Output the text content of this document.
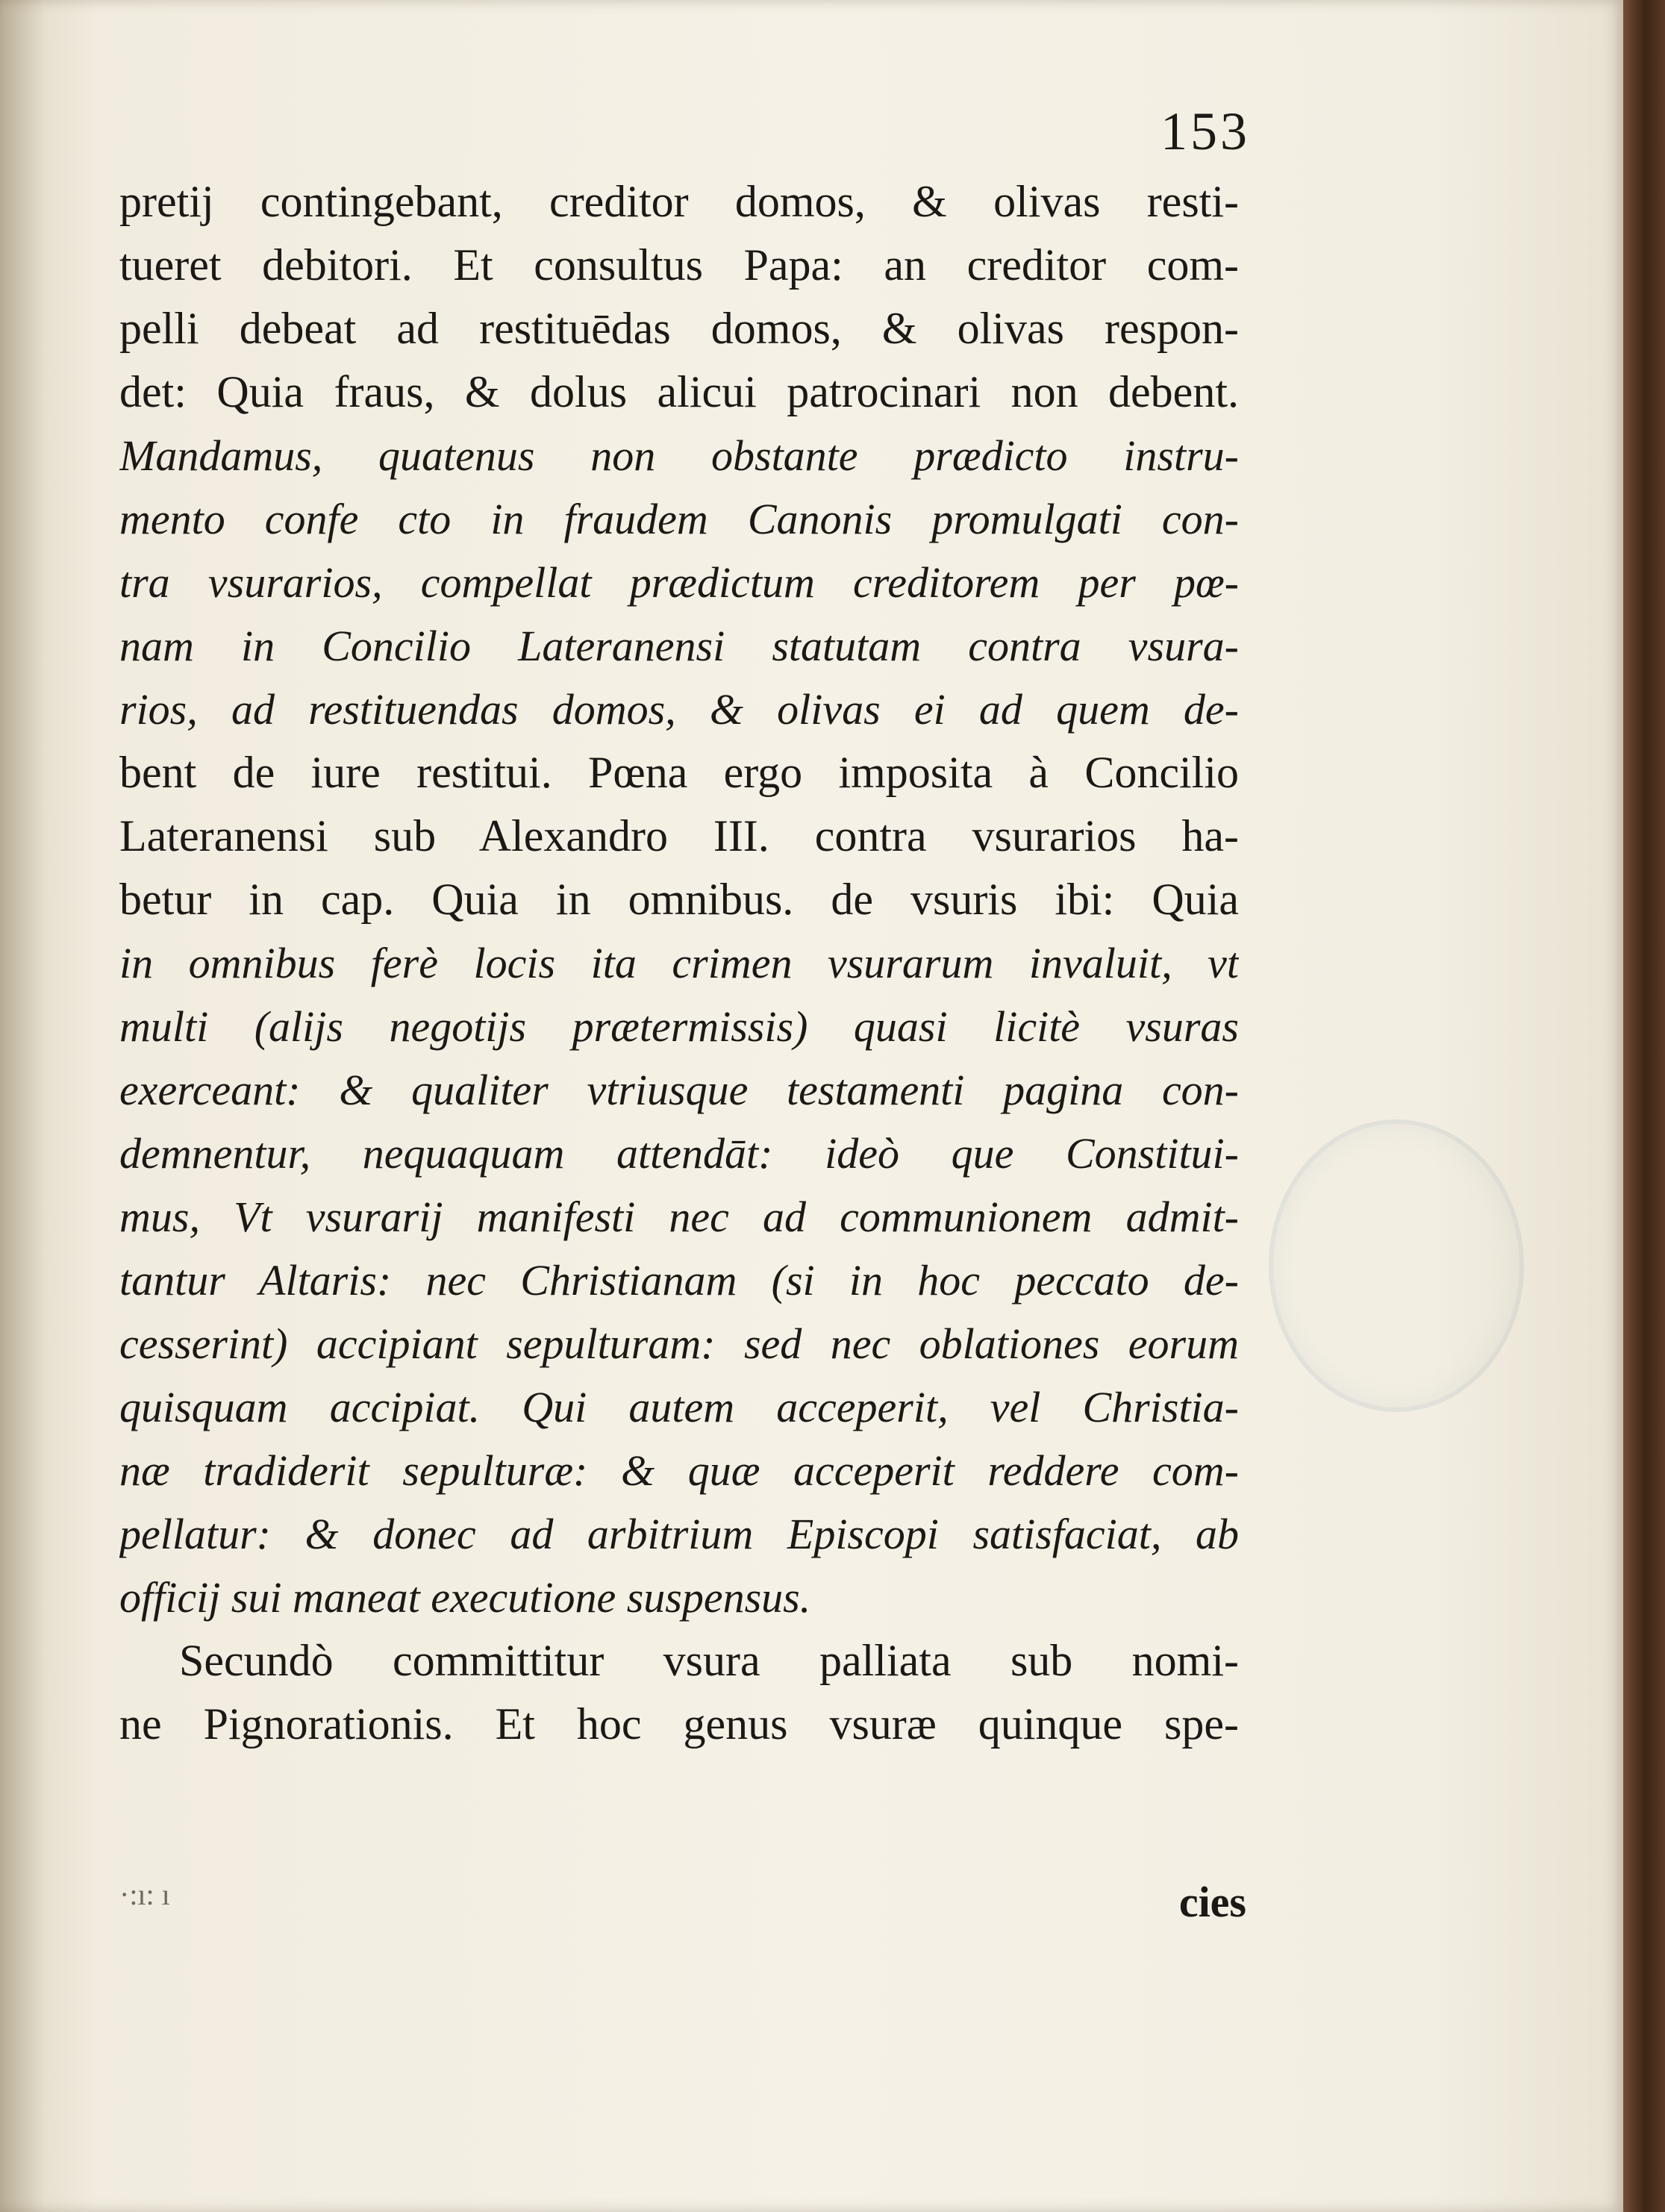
153
pretij contingebant, creditor domos, & olivas resti-
tueret debitori. Et consultus Papa: an creditor com-
pelli debeat ad restituēdas domos, & olivas respon-
det: Quia fraus, & dolus alicui patrocinari non debent.
Mandamus, quatenus non obstante prædicto instru-
mento confe cto in fraudem Canonis promulgati con-
tra vsurarios, compellat prædictum creditorem per pœ-
nam in Concilio Lateranensi statutam contra vsura-
rios, ad restituendas domos, & olivas ei ad quem de-
bent de iure restitui. Pœna ergo imposita à Concilio
Lateranensi sub Alexandro III. contra vsurarios ha-
betur in cap. Quia in omnibus. de vsuris ibi: Quia
in omnibus ferè locis ita crimen vsurarum invaluit, vt
multi (alijs negotijs prætermissis) quasi licitè vsuras
exerceant: & qualiter vtriusque testamenti pagina con-
demnentur, nequaquam attendāt: ideò que Constitui-
mus, Vt vsurarij manifesti nec ad communionem admit-
tantur Altaris: nec Christianam (si in hoc peccato de-
cesserint) accipiant sepulturam: sed nec oblationes eorum
quisquam accipiat. Qui autem acceperit, vel Christia-
næ tradiderit sepulturæ: & quæ acceperit reddere com-
pellatur: & donec ad arbitrium Episcopi satisfaciat, ab
officij sui maneat executione suspensus.
Secundò committitur vsura palliata sub nomi-
ne Pignorationis. Et hoc genus vsuræ quinque spe-
·:ı: ı	cies
